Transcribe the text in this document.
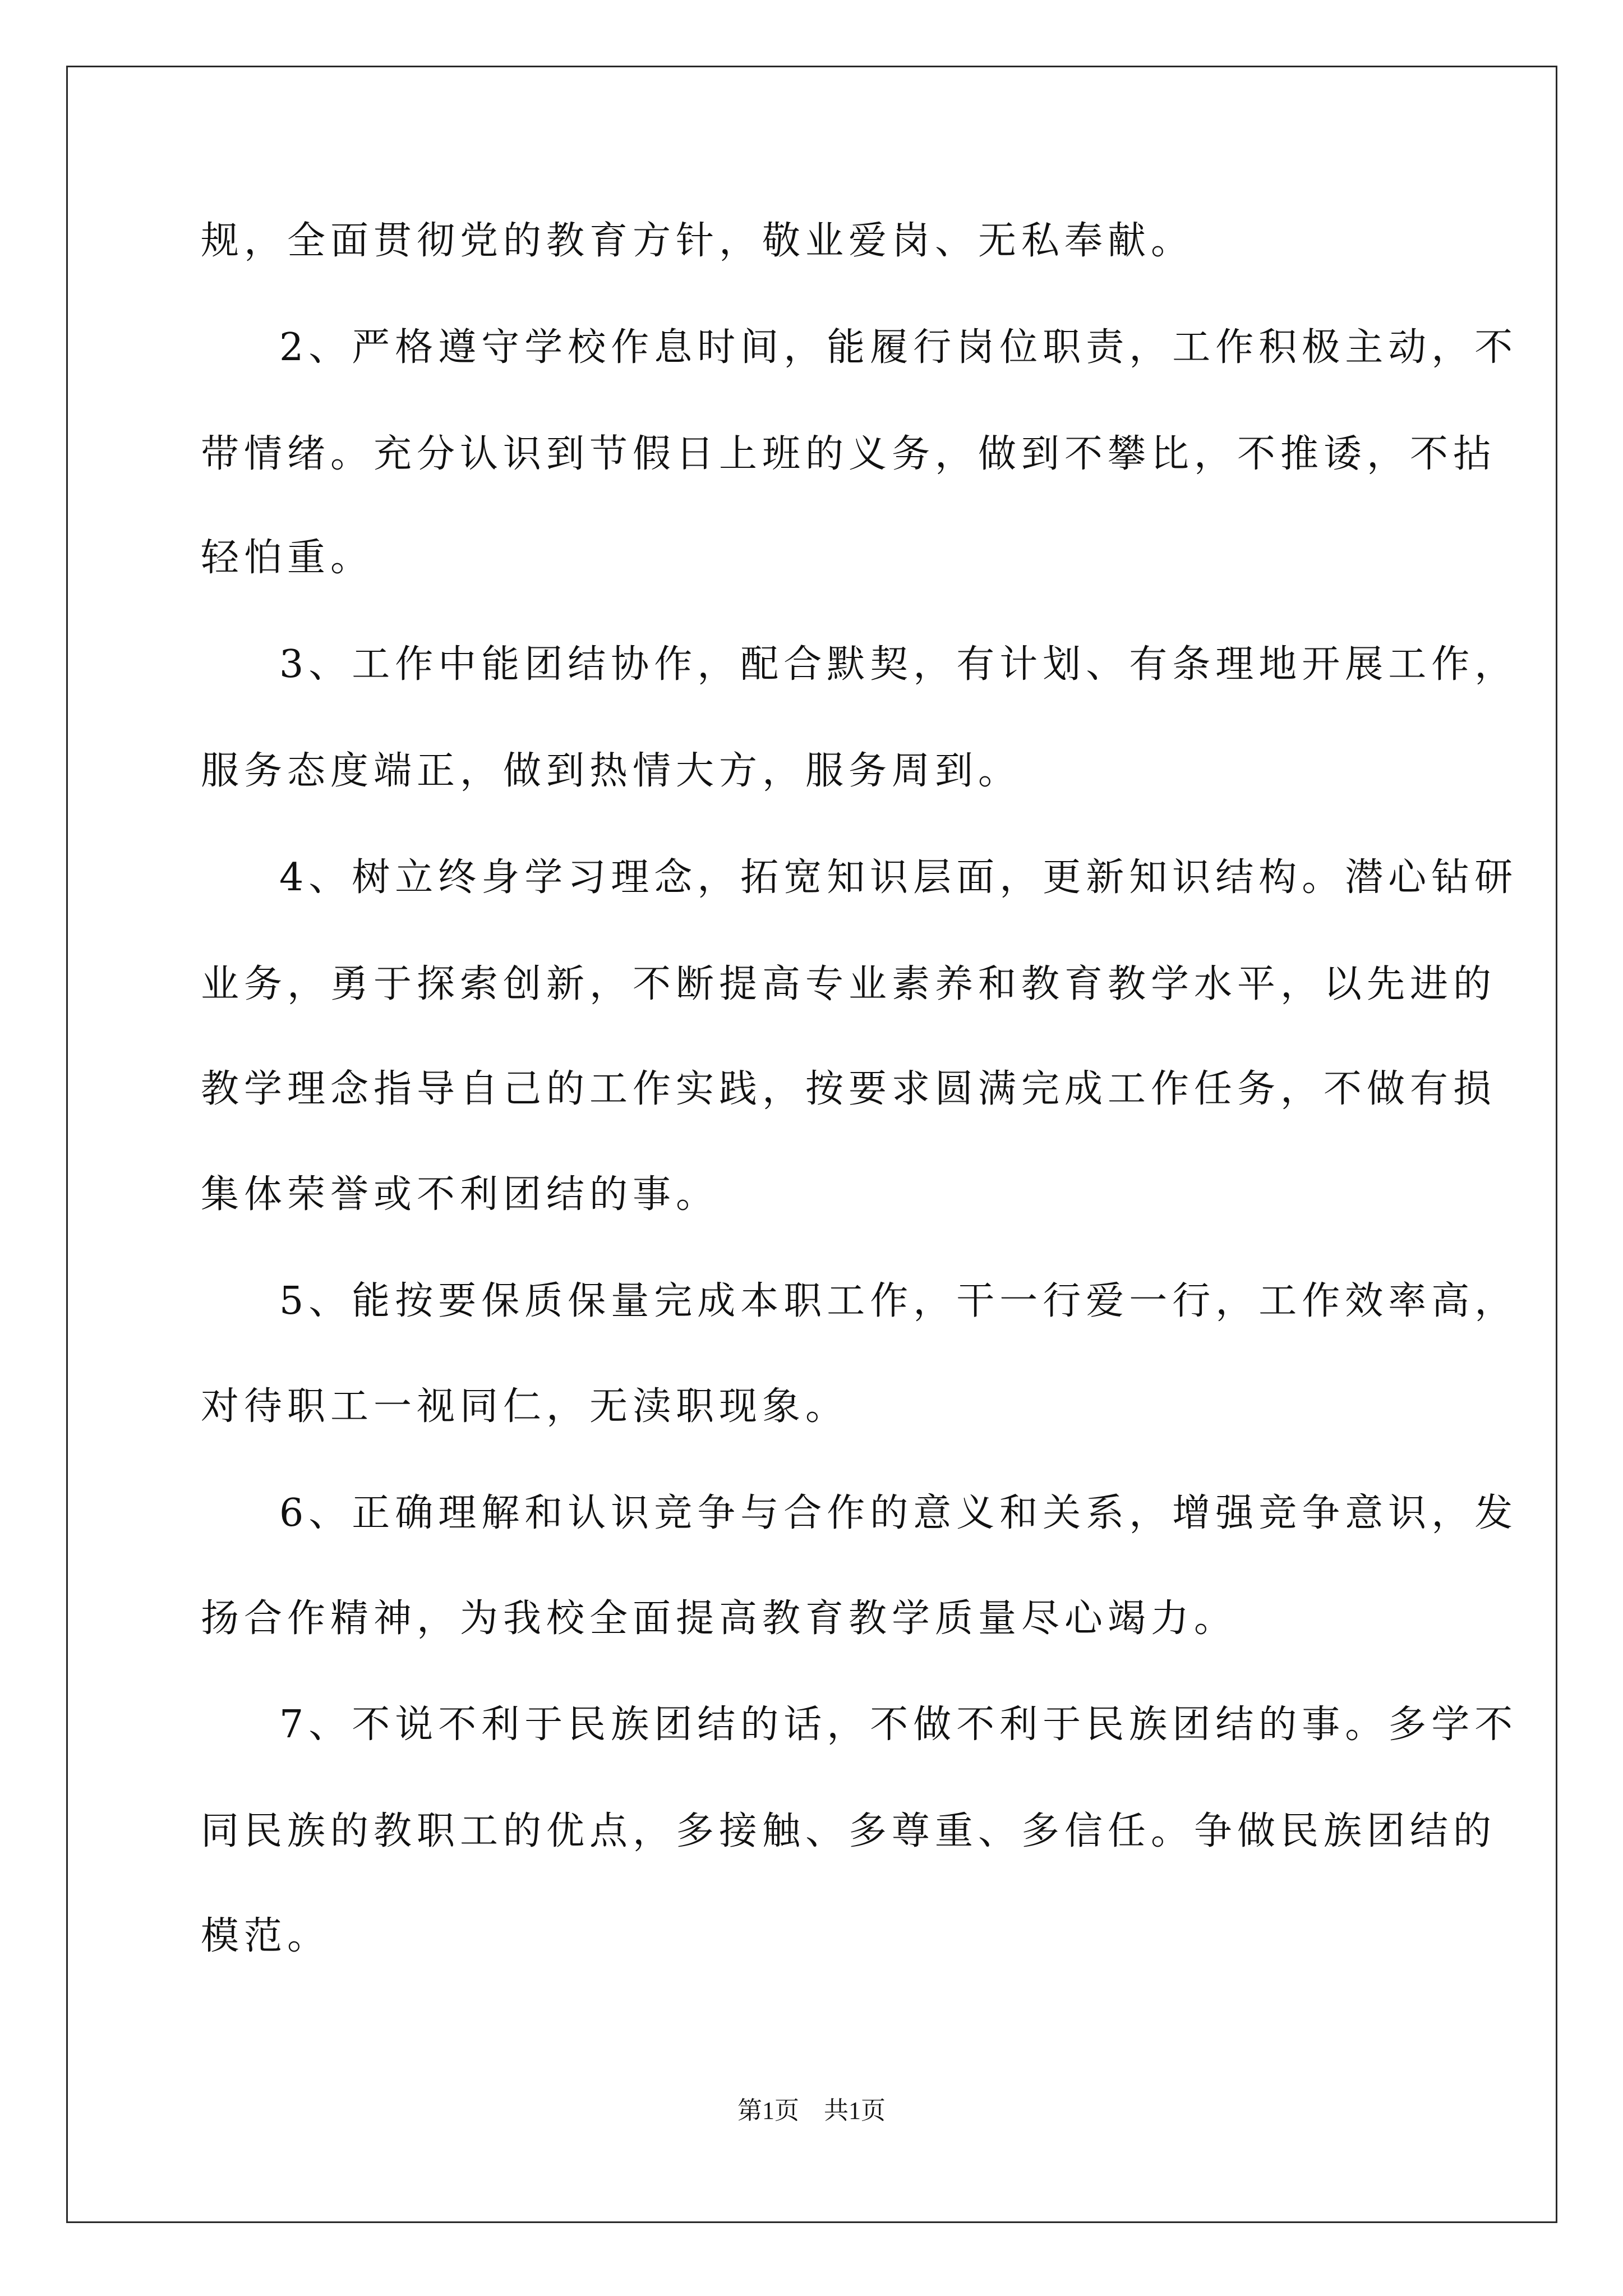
规，全面贯彻党的教育方针，敬业爱岗、无私奉献。
2、严格遵守学校作息时间，能履行岗位职责，工作积极主动，不
带情绪。充分认识到节假日上班的义务，做到不攀比，不推诿，不拈
轻怕重。
3、工作中能团结协作，配合默契，有计划、有条理地开展工作，
服务态度端正，做到热情大方，服务周到。
4、树立终身学习理念，拓宽知识层面，更新知识结构。潜心钻研
业务，勇于探索创新，不断提高专业素养和教育教学水平，以先进的
教学理念指导自己的工作实践，按要求圆满完成工作任务，不做有损
集体荣誉或不利团结的事。
5、能按要保质保量完成本职工作，干一行爱一行，工作效率高，
对待职工一视同仁，无渎职现象。
6、正确理解和认识竞争与合作的意义和关系，增强竞争意识，发
扬合作精神，为我校全面提高教育教学质量尽心竭力。
7、不说不利于民族团结的话，不做不利于民族团结的事。多学不
同民族的教职工的优点，多接触、多尊重、多信任。争做民族团结的
模范。
第1页　共1页
